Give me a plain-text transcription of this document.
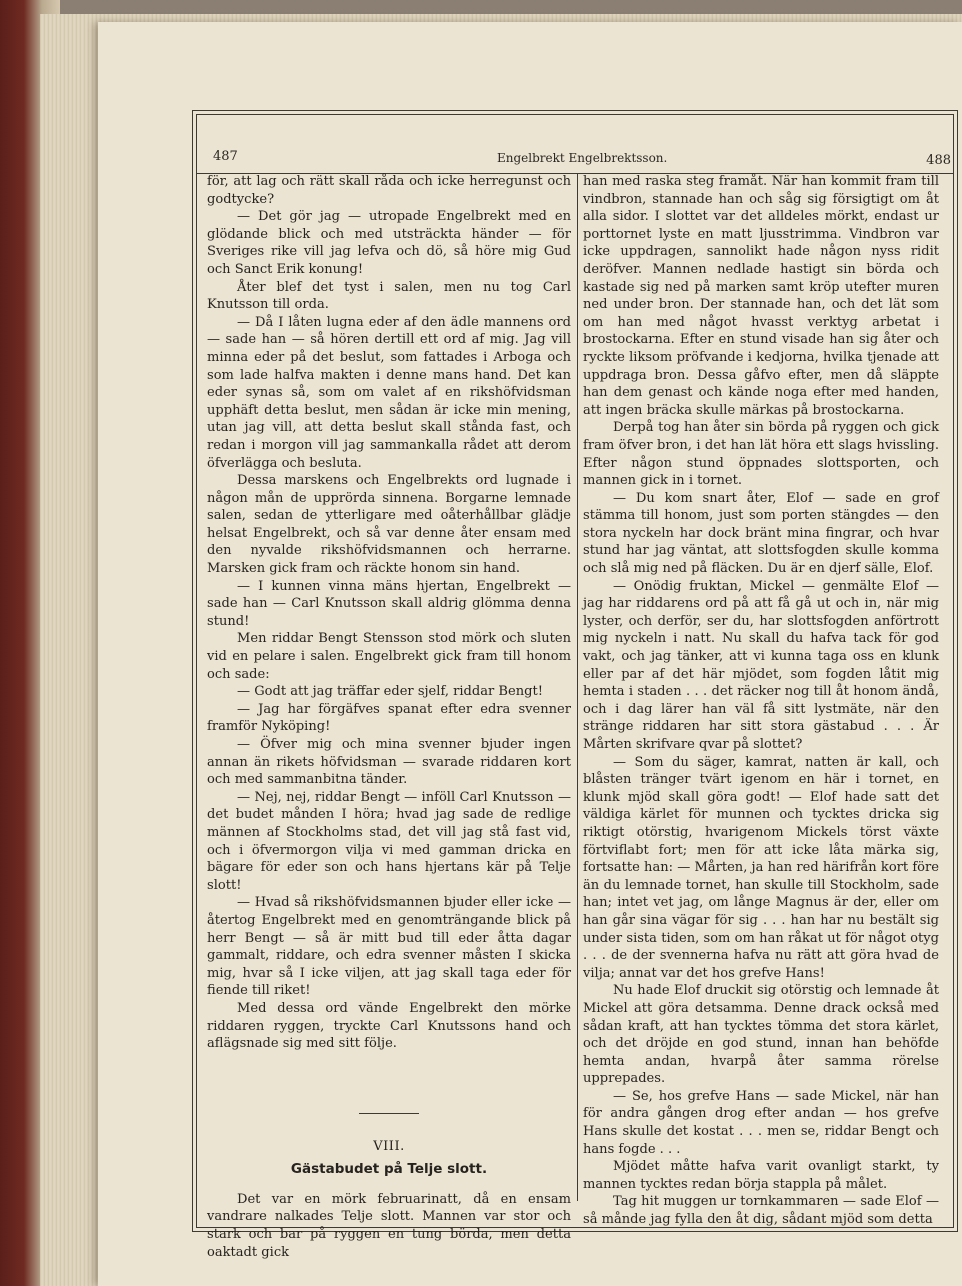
487	Engelbrekt Engelbrektsson.	488

för, att lag och rätt skall råda och icke herregunst och godtycke?

— Det gör jag — utropade Engelbrekt med en glödande blick och med utsträckta händer — för Sveriges rike vill jag lefva och dö, så höre mig Gud och Sanct Erik konung!

Åter blef det tyst i salen, men nu tog Carl Knutsson till orda.

— Då I låten lugna eder af den ädle mannens ord — sade han — så hören dertill ett ord af mig. Jag vill minna eder på det beslut, som fattades i Arboga och som lade halfva makten i denne mans hand. Det kan eder synas så, som om valet af en rikshöfvidsman upphäft detta beslut, men sådan är icke min mening, utan jag vill, att detta beslut skall stånda fast, och redan i morgon vill jag sammankalla rådet att derom öfverlägga och besluta.

Dessa marskens och Engelbrekts ord lugnade i någon mån de upprörda sinnena. Borgarne lemnade salen, sedan de ytterligare med oåterhållbar glädje helsat Engelbrekt, och så var denne åter ensam med den nyvalde rikshöfvidsmannen och herrarne. Marsken gick fram och räckte honom sin hand.

— I kunnen vinna mäns hjertan, Engelbrekt — sade han — Carl Knutsson skall aldrig glömma denna stund!

Men riddar Bengt Stensson stod mörk och sluten vid en pelare i salen. Engelbrekt gick fram till honom och sade:

— Godt att jag träffar eder sjelf, riddar Bengt!

— Jag har förgäfves spanat efter edra svenner framför Nyköping!

— Öfver mig och mina svenner bjuder ingen annan än rikets höfvidsman — svarade riddaren kort och med sammanbitna tänder.

— Nej, nej, riddar Bengt — inföll Carl Knutsson — det budet månden I höra; hvad jag sade de redlige männen af Stockholms stad, det vill jag stå fast vid, och i öfvermorgon vilja vi med gamman dricka en bägare för eder son och hans hjertans kär på Telje slott!

— Hvad så rikshöfvidsmannen bjuder eller icke — återtog Engelbrekt med en genomträngande blick på herr Bengt — så är mitt bud till eder åtta dagar gammalt, riddare, och edra svenner måsten I skicka mig, hvar så I icke viljen, att jag skall taga eder för fiende till riket!

Med dessa ord vände Engelbrekt den mörke riddaren ryggen, tryckte Carl Knutssons hand och aflägsnade sig med sitt följe.

VIII.

Gästabudet på Telje slott.

Det var en mörk februarinatt, då en ensam vandrare nalkades Telje slott. Mannen var stor och stark och bar på ryggen en tung börda, men detta oaktadt gick

han med raska steg framåt. När han kommit fram till vindbron, stannade han och såg sig försigtigt om åt alla sidor. I slottet var det alldeles mörkt, endast ur porttornet lyste en matt ljusstrimma. Vindbron var icke uppdragen, sannolikt hade någon nyss ridit deröfver. Mannen nedlade hastigt sin börda och kastade sig ned på marken samt kröp utefter muren ned under bron. Der stannade han, och det lät som om han med något hvasst verktyg arbetat i brostockarna. Efter en stund visade han sig åter och ryckte liksom pröfvande i kedjorna, hvilka tjenade att uppdraga bron. Dessa gåfvo efter, men då släppte han dem genast och kände noga efter med handen, att ingen bräcka skulle märkas på brostockarna.

Derpå tog han åter sin börda på ryggen och gick fram öfver bron, i det han lät höra ett slags hvissling. Efter någon stund öppnades slottsporten, och mannen gick in i tornet.

— Du kom snart åter, Elof — sade en grof stämma till honom, just som porten stängdes — den stora nyckeln har dock bränt mina fingrar, och hvar stund har jag väntat, att slottsfogden skulle komma och slå mig ned på fläcken. Du är en djerf sälle, Elof.

— Onödig fruktan, Mickel — genmälte Elof — jag har riddarens ord på att få gå ut och in, när mig lyster, och derför, ser du, har slottsfogden anförtrott mig nyckeln i natt. Nu skall du hafva tack för god vakt, och jag tänker, att vi kunna taga oss en klunk eller par af det här mjödet, som fogden låtit mig hemta i staden . . . det räcker nog till åt honom ändå, och i dag lärer han väl få sitt lystmäte, när den stränge riddaren har sitt stora gästabud . . . Är Mårten skrifvare qvar på slottet?

— Som du säger, kamrat, natten är kall, och blåsten tränger tvärt igenom en här i tornet, en klunk mjöd skall göra godt! — Elof hade satt det väldiga kärlet för munnen och tycktes dricka sig riktigt otörstig, hvarigenom Mickels törst växte förtviflabt fort; men för att icke låta märka sig, fortsatte han: — Mårten, ja han red härifrån kort före än du lemnade tornet, han skulle till Stockholm, sade han; intet vet jag, om långe Magnus är der, eller om han går sina vägar för sig . . . han har nu bestält sig under sista tiden, som om han råkat ut för något otyg . . . de der svennerna hafva nu rätt att göra hvad de vilja; annat var det hos grefve Hans!

Nu hade Elof druckit sig otörstig och lemnade åt Mickel att göra detsamma. Denne drack också med sådan kraft, att han tycktes tömma det stora kärlet, och det dröjde en god stund, innan han behöfde hemta andan, hvarpå åter samma rörelse upprepades.

— Se, hos grefve Hans — sade Mickel, när han för andra gången drog efter andan — hos grefve Hans skulle det kostat . . . men se, riddar Bengt och hans fogde . . .

Mjödet måtte hafva varit ovanligt starkt, ty mannen tycktes redan börja stappla på målet.

Tag hit muggen ur tornkammaren — sade Elof — så månde jag fylla den åt dig, sådant mjöd som detta
